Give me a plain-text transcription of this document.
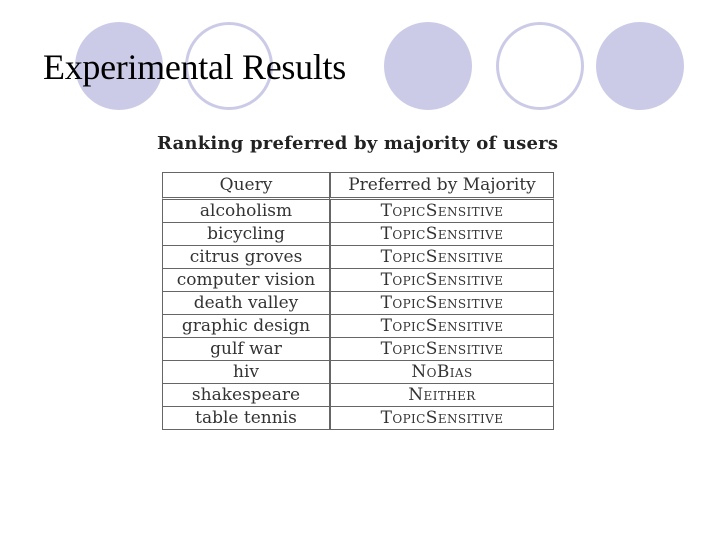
Experimental Results
Ranking preferred by majority of users
Query	Preferred by Majority
alcoholism	TopicSensitive
bicycling	TopicSensitive
citrus groves	TopicSensitive
computer vision	TopicSensitive
death valley	TopicSensitive
graphic design	TopicSensitive
gulf war	TopicSensitive
hiv	NoBias
shakespeare	Neither
table tennis	TopicSensitive
